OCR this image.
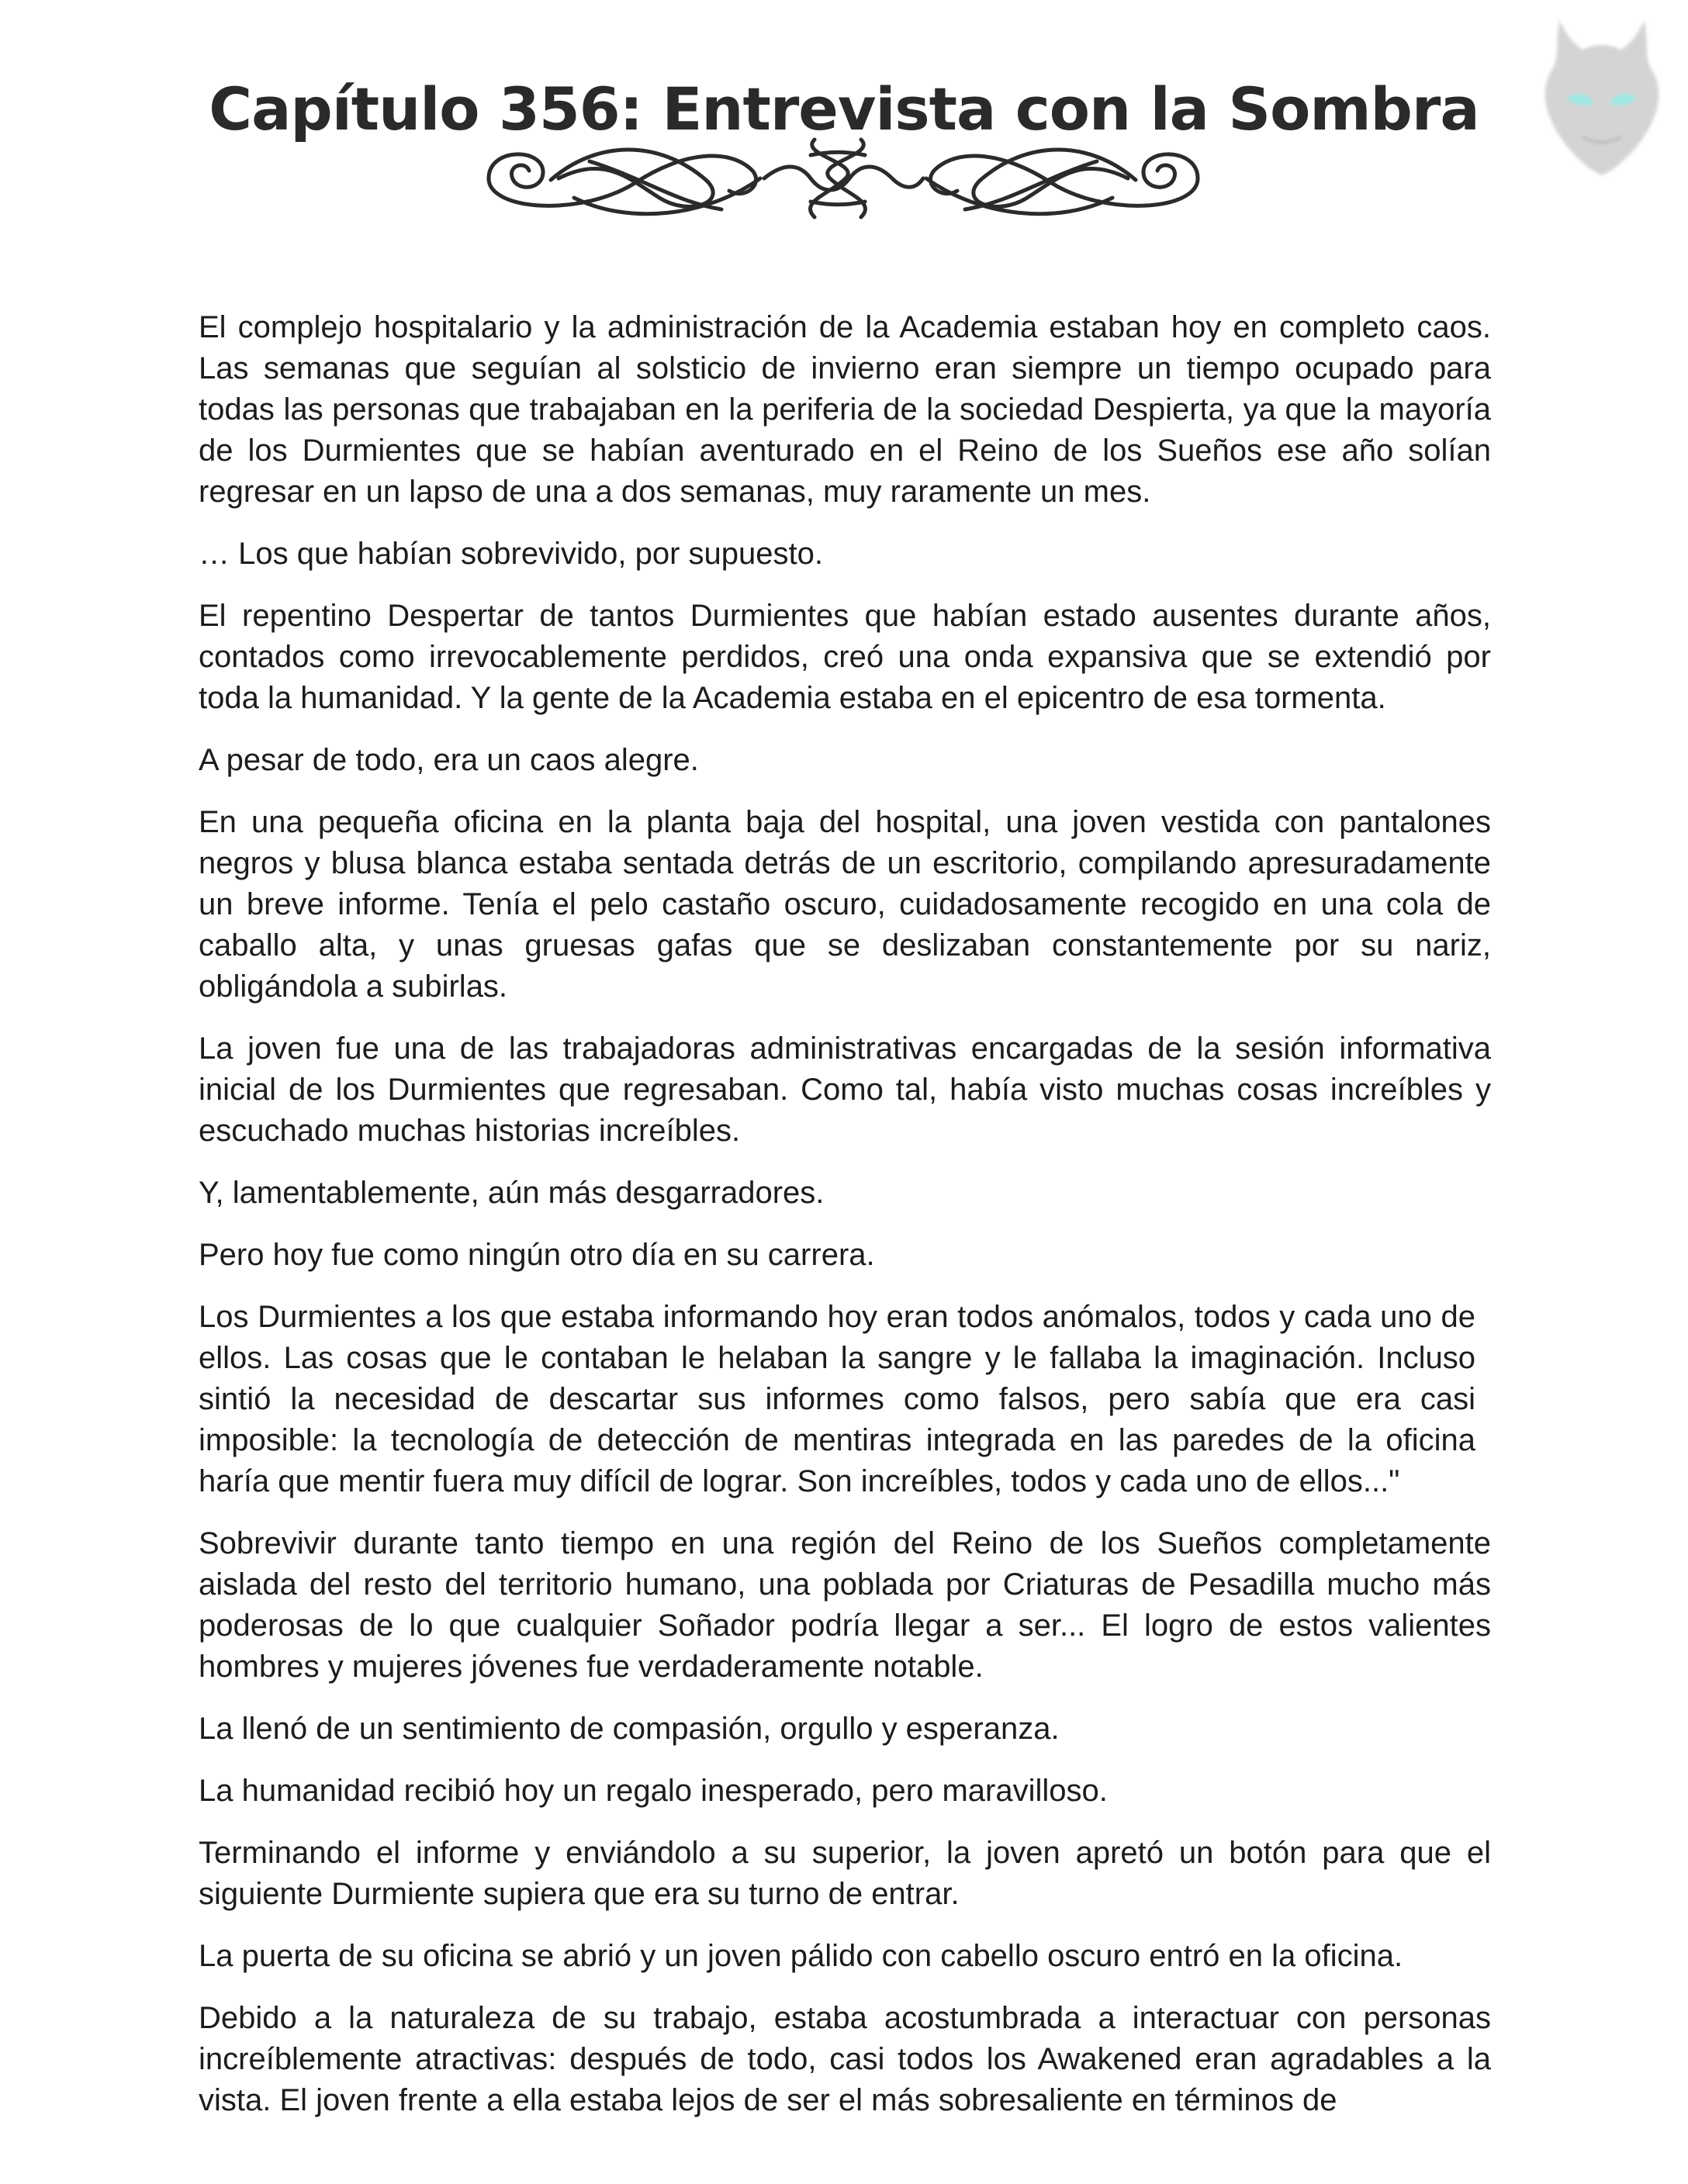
Capítulo 356: Entrevista con la Sombra

El complejo hospitalario y la administración de la Academia estaban hoy en completo caos. Las semanas que seguían al solsticio de invierno eran siempre un tiempo ocupado para todas las personas que trabajaban en la periferia de la sociedad Despierta, ya que la mayoría de los Durmientes que se habían aventurado en el Reino de los Sueños ese año solían regresar en un lapso de una a dos semanas, muy raramente un mes.

… Los que habían sobrevivido, por supuesto.

El repentino Despertar de tantos Durmientes que habían estado ausentes durante años, contados como irrevocablemente perdidos, creó una onda expansiva que se extendió por toda la humanidad. Y la gente de la Academia estaba en el epicentro de esa tormenta.

A pesar de todo, era un caos alegre.

En una pequeña oficina en la planta baja del hospital, una joven vestida con pantalones negros y blusa blanca estaba sentada detrás de un escritorio, compilando apresuradamente un breve informe. Tenía el pelo castaño oscuro, cuidadosamente recogido en una cola de caballo alta, y unas gruesas gafas que se deslizaban constantemente por su nariz, obligándola a subirlas.

La joven fue una de las trabajadoras administrativas encargadas de la sesión informativa inicial de los Durmientes que regresaban. Como tal, había visto muchas cosas increíbles y escuchado muchas historias increíbles.

Y, lamentablemente, aún más desgarradores.

Pero hoy fue como ningún otro día en su carrera.

Los Durmientes a los que estaba informando hoy eran todos anómalos, todos y cada uno de ellos. Las cosas que le contaban le helaban la sangre y le fallaba la imaginación. Incluso sintió la necesidad de descartar sus informes como falsos, pero sabía que era casi imposible: la tecnología de detección de mentiras integrada en las paredes de la oficina haría que mentir fuera muy difícil de lograr. Son increíbles, todos y cada uno de ellos..."

Sobrevivir durante tanto tiempo en una región del Reino de los Sueños completamente aislada del resto del territorio humano, una poblada por Criaturas de Pesadilla mucho más poderosas de lo que cualquier Soñador podría llegar a ser... El logro de estos valientes hombres y mujeres jóvenes fue verdaderamente notable.

La llenó de un sentimiento de compasión, orgullo y esperanza.

La humanidad recibió hoy un regalo inesperado, pero maravilloso.

Terminando el informe y enviándolo a su superior, la joven apretó un botón para que el siguiente Durmiente supiera que era su turno de entrar.

La puerta de su oficina se abrió y un joven pálido con cabello oscuro entró en la oficina.

Debido a la naturaleza de su trabajo, estaba acostumbrada a interactuar con personas increíblemente atractivas: después de todo, casi todos los Awakened eran agradables a la vista. El joven frente a ella estaba lejos de ser el más sobresaliente en términos de
